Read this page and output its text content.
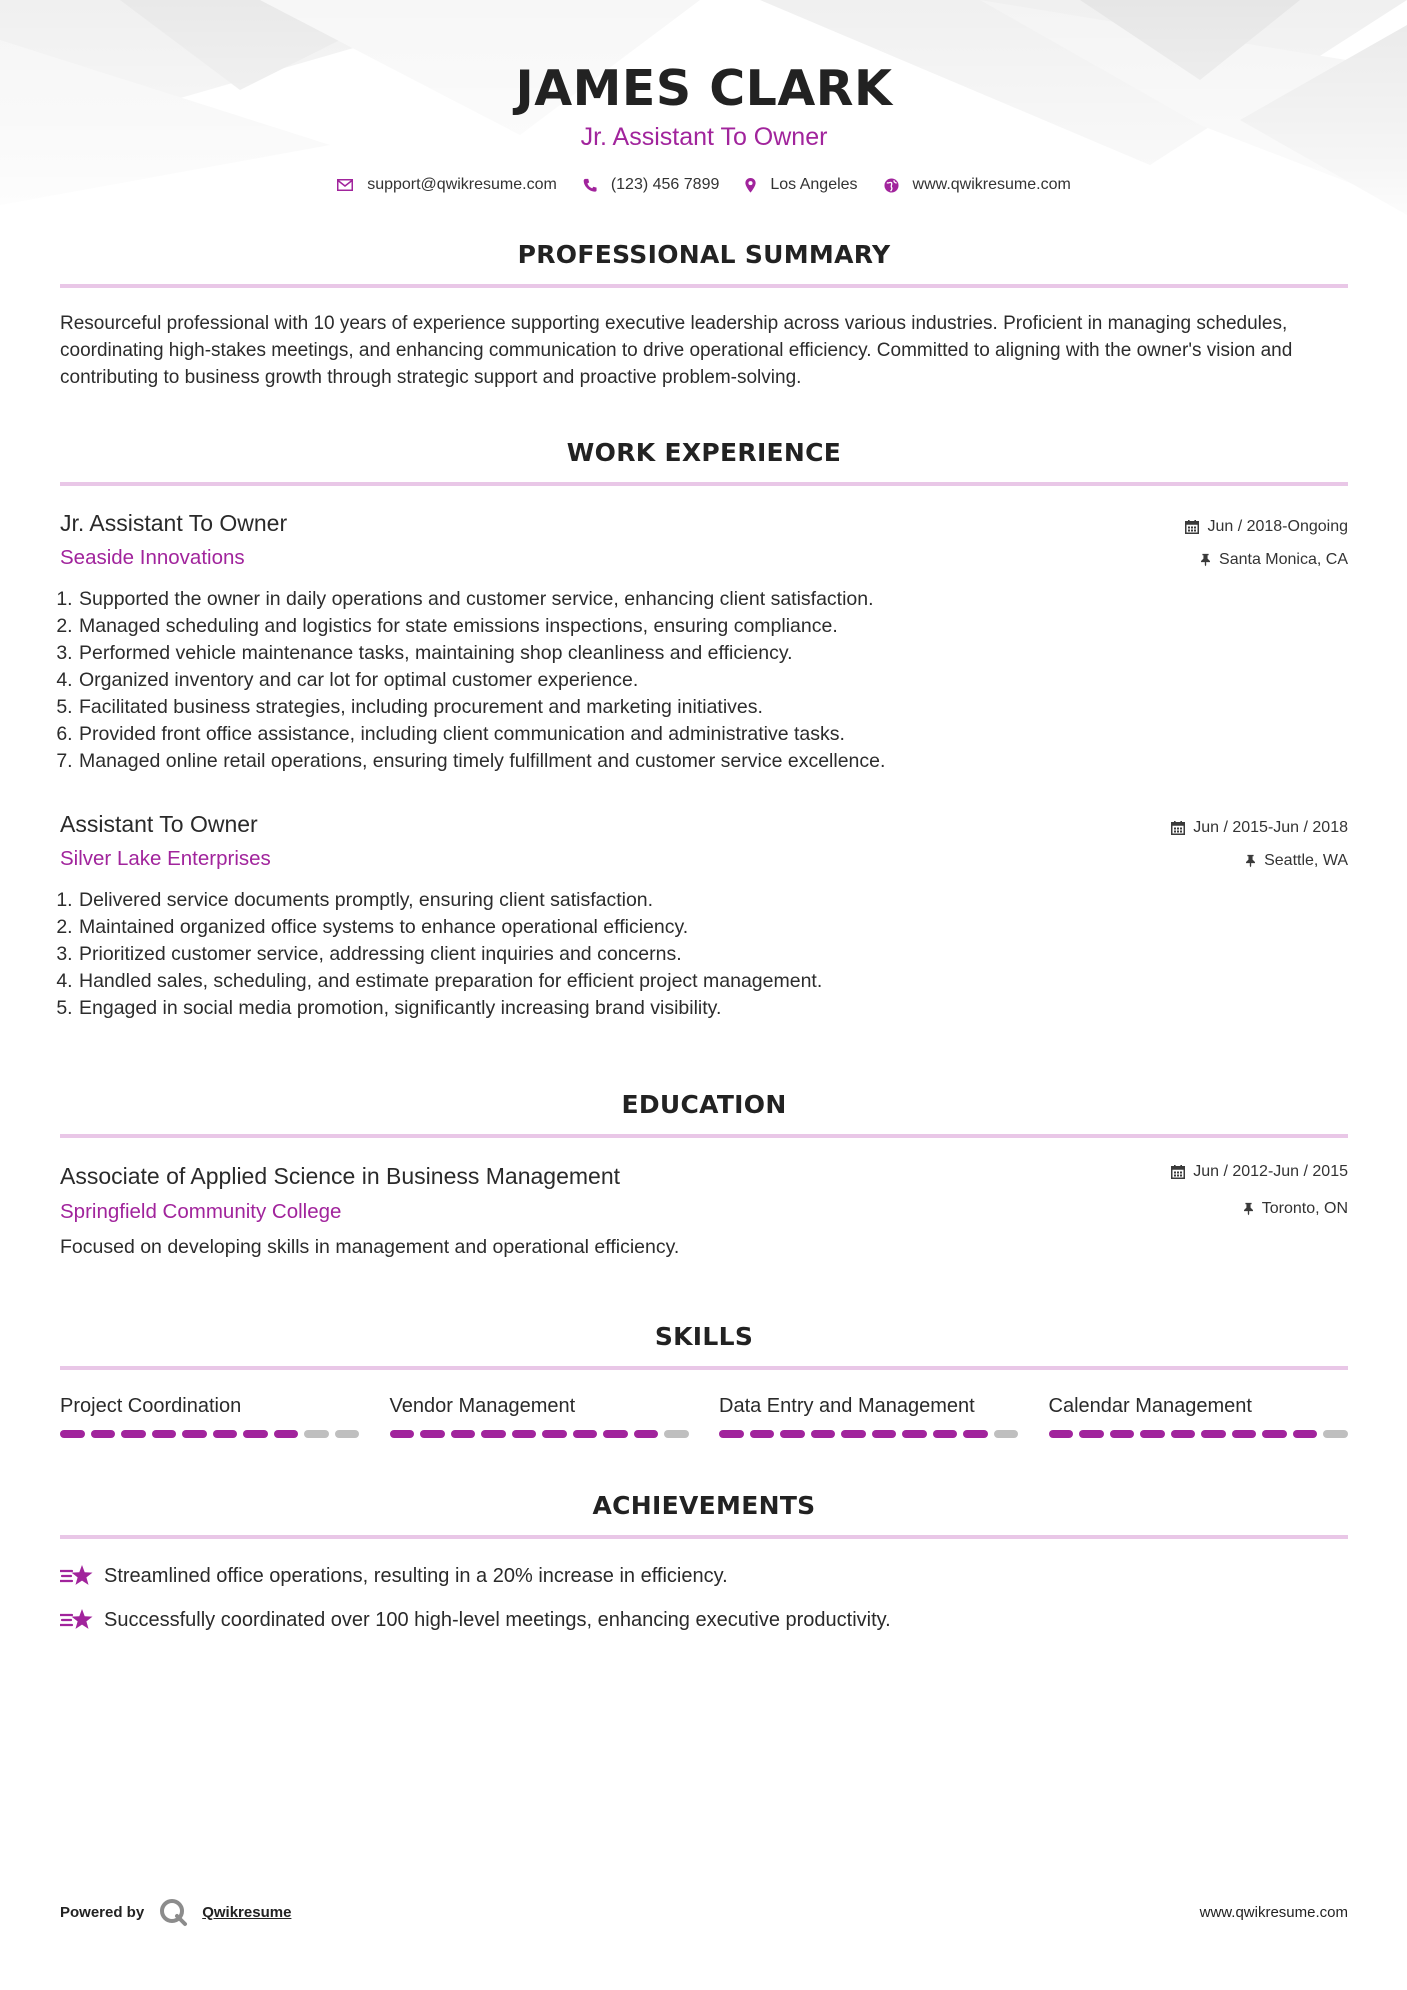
JAMES CLARK
Jr. Assistant To Owner
support@qwikresume.com	(123) 456 7899	Los Angeles	www.qwikresume.com
PROFESSIONAL SUMMARY

Resourceful professional with 10 years of experience supporting executive leadership across various industries. Proficient in managing schedules, coordinating high-stakes meetings, and enhancing communication to drive operational efficiency. Committed to aligning with the owner's vision and contributing to business growth through strategic support and proactive problem-solving.

WORK EXPERIENCE
Jr. Assistant To Owner
Seaside Innovations
Jun / 2018-Ongoing
Santa Monica, CA
1. Supported the owner in daily operations and customer service, enhancing client satisfaction.
2. Managed scheduling and logistics for state emissions inspections, ensuring compliance.
3. Performed vehicle maintenance tasks, maintaining shop cleanliness and efficiency.
4. Organized inventory and car lot for optimal customer experience.
5. Facilitated business strategies, including procurement and marketing initiatives.
6. Provided front office assistance, including client communication and administrative tasks.
7. Managed online retail operations, ensuring timely fulfillment and customer service excellence.
Assistant To Owner
Silver Lake Enterprises
Jun / 2015-Jun / 2018
Seattle, WA
1. Delivered service documents promptly, ensuring client satisfaction.
2. Maintained organized office systems to enhance operational efficiency.
3. Prioritized customer service, addressing client inquiries and concerns.
4. Handled sales, scheduling, and estimate preparation for efficient project management.
5. Engaged in social media promotion, significantly increasing brand visibility.
EDUCATION
Associate of Applied Science in Business Management
Springfield Community College
Focused on developing skills in management and operational efficiency.
Jun / 2012-Jun / 2015
Toronto, ON
SKILLS
Project Coordination	Vendor Management	Data Entry and Management	Calendar Management
ACHIEVEMENTS
Streamlined office operations, resulting in a 20% increase in efficiency.
Successfully coordinated over 100 high-level meetings, enhancing executive productivity.
Powered by	Qwikresume	www.qwikresume.com
